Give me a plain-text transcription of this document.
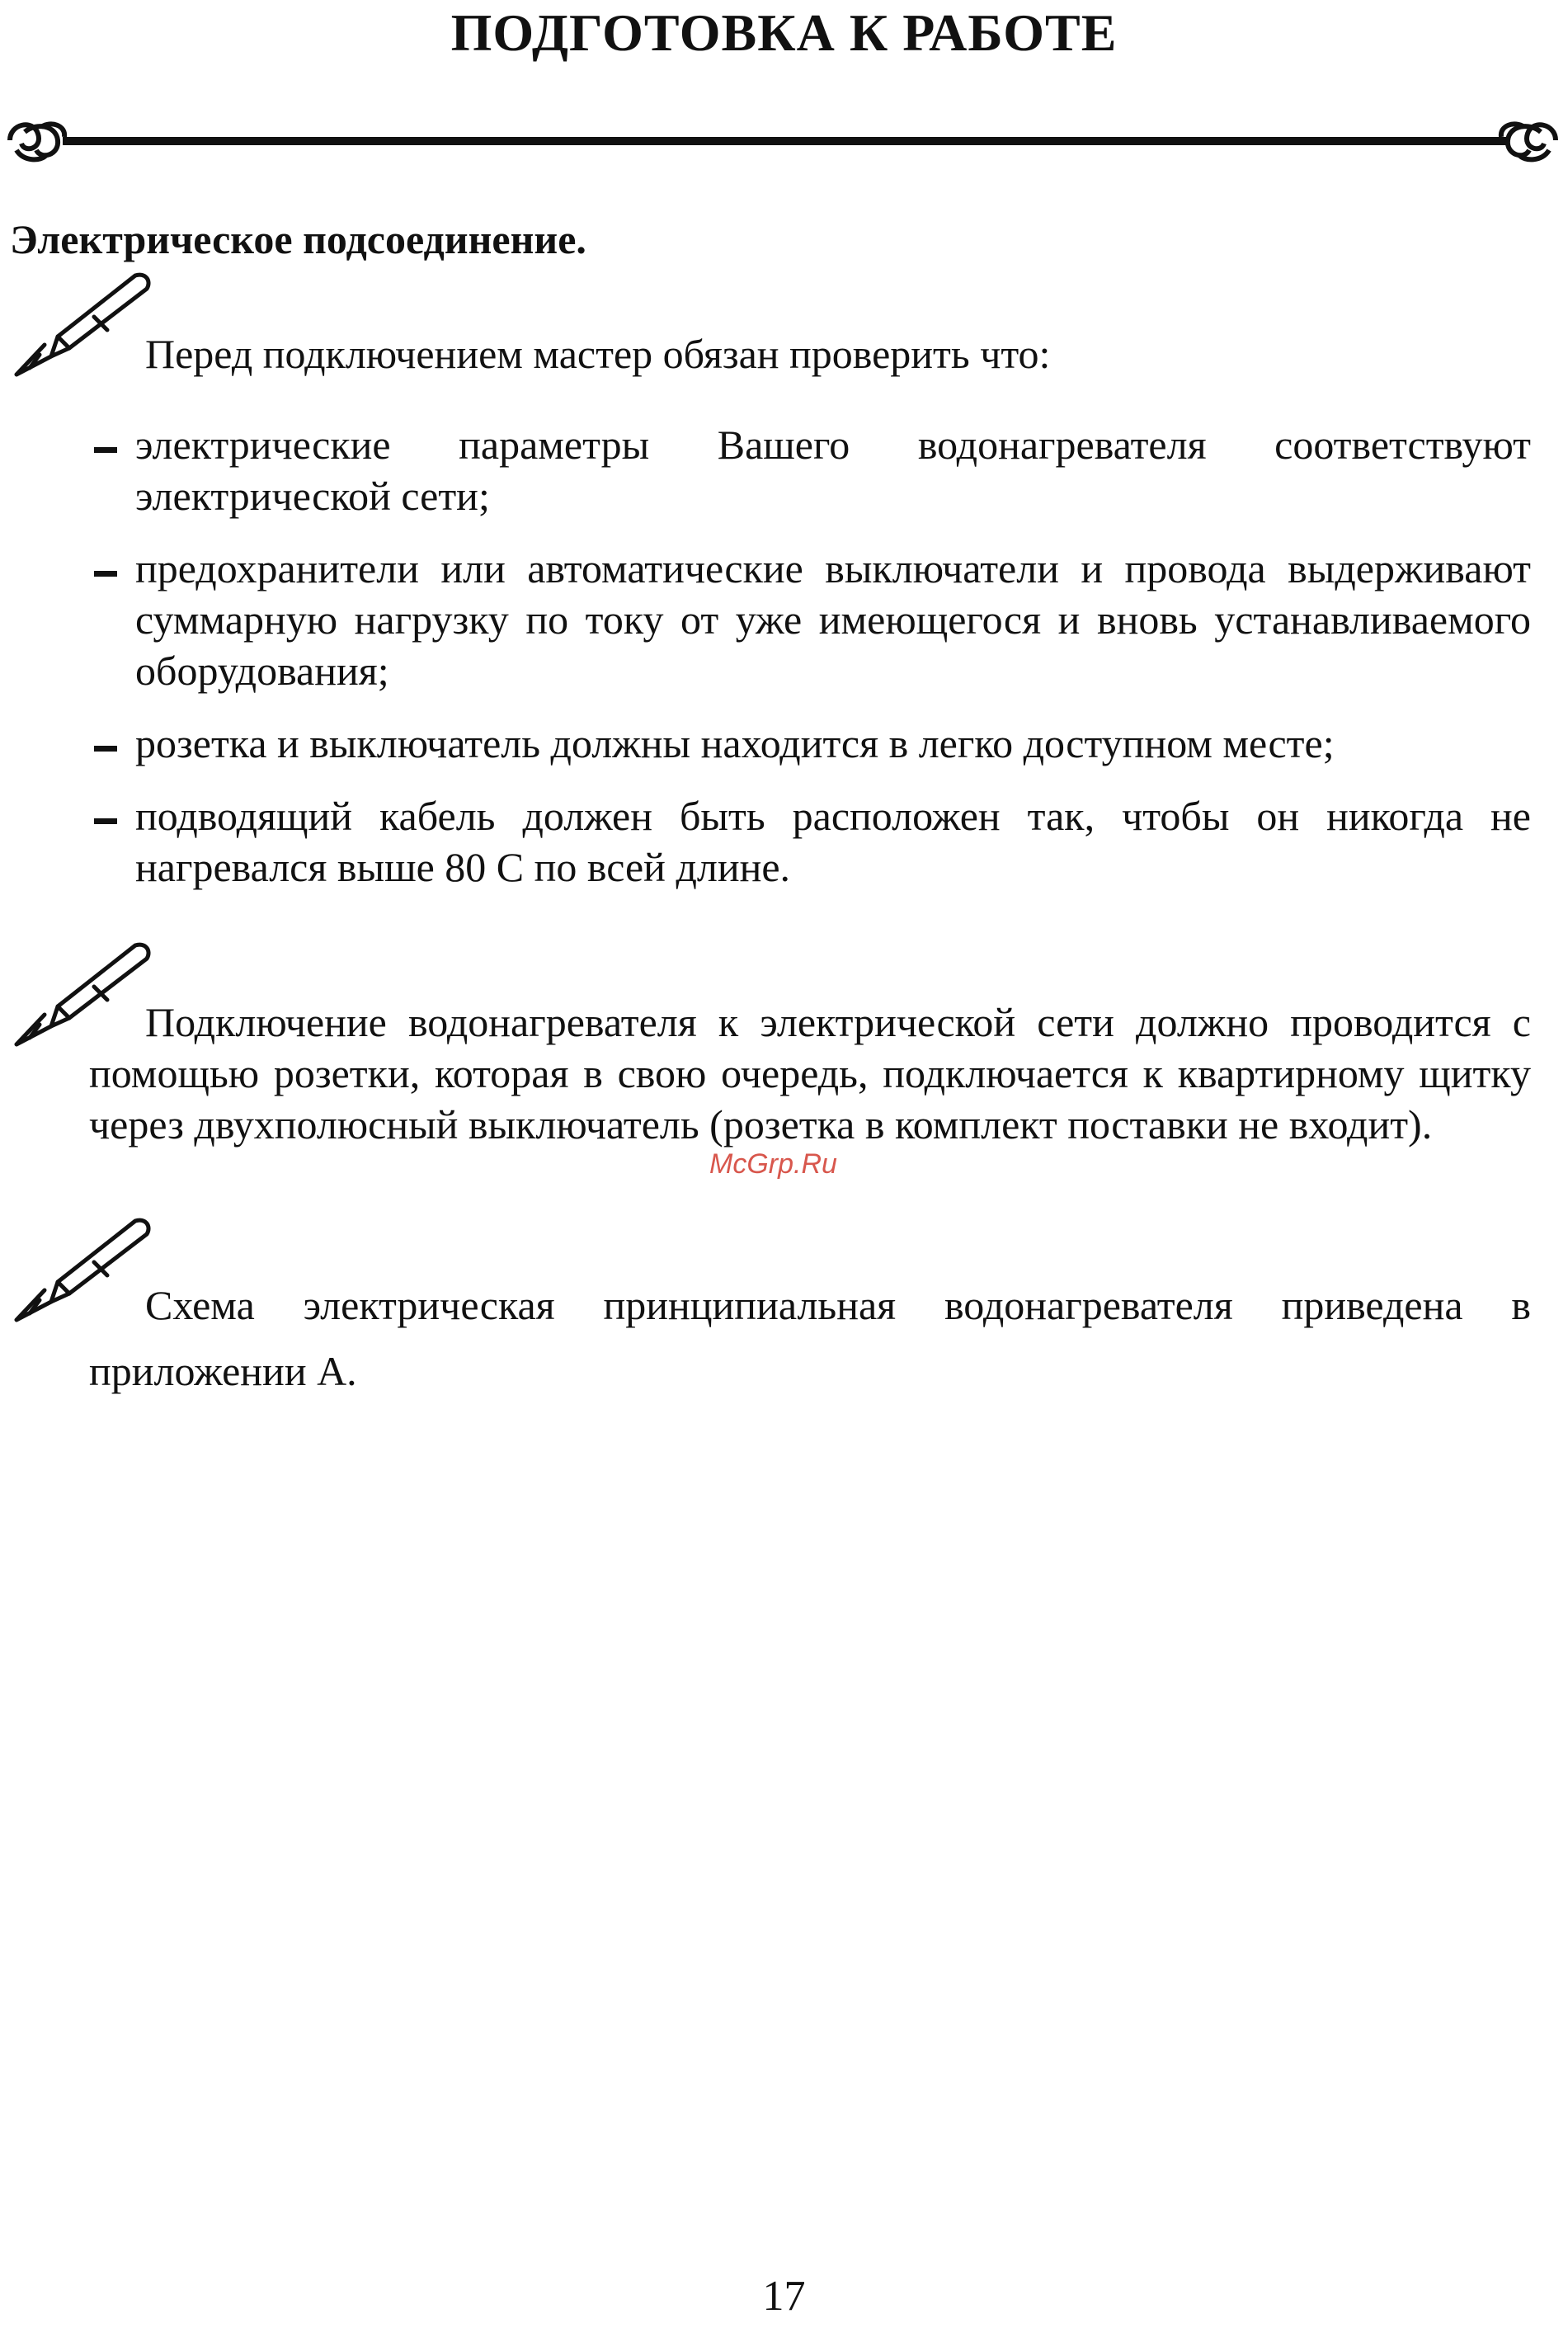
ПОДГОТОВКА К РАБОТЕ
Электрическое подсоединение.

Перед подключением мастер обязан проверить что:

электрические параметры Вашего водонагревателя соответствуют электрической сети;
предохранители или автоматические выключатели и провода выдерживают суммарную нагрузку по току от уже имеющегося и вновь устанавливаемого оборудования;
розетка и выключатель должны находится в легко доступном месте;
подводящий кабель должен быть расположен так, чтобы он никогда не нагревался выше 80 С по всей длине.

Подключение водонагревателя к электрической сети должно проводится с помощью розетки, которая в свою очередь, подключается к квартирному щитку через двухполюсный выключатель (розетка в комплект поставки не входит).

McGrp.Ru

Схема электрическая принципиальная водонагревателя приведена в приложении А.

17
